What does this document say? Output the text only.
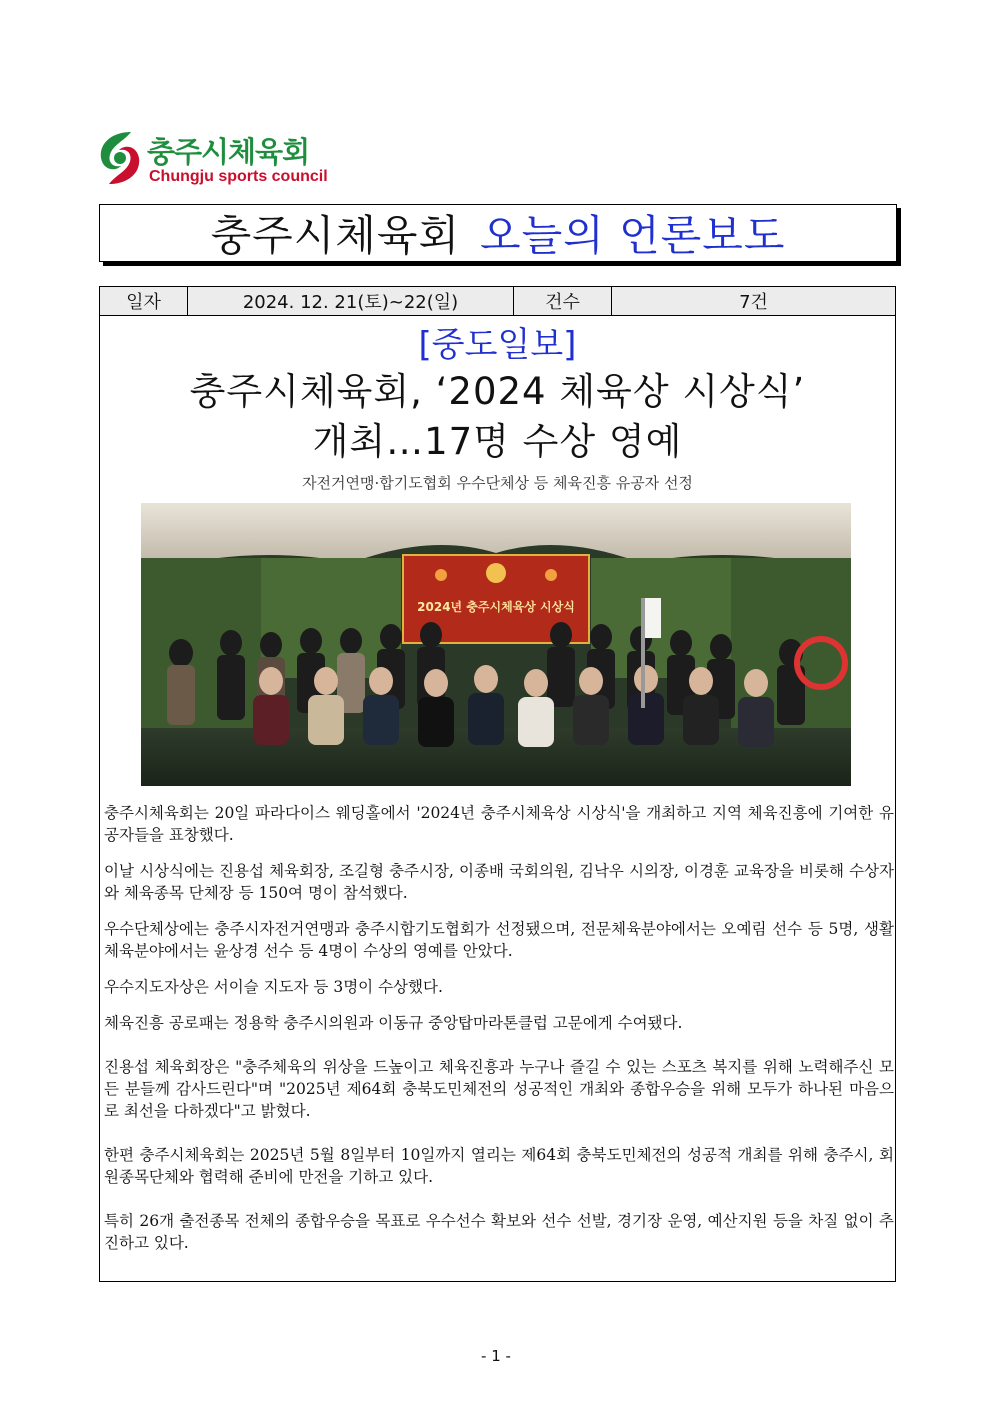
충주시체육회
Chungju sports council
충주시체육회 오늘의 언론보도
일자	2024. 12. 21(토)~22(일)	건수	7건
[중도일보]
충주시체육회, ‘2024 체육상 시상식’
개최…17명 수상 영예
자전거연맹·합기도협회 우수단체상 등 체육진흥 유공자 선정
2024년 충주시체육상 시상식

충주시체육회는 20일 파라다이스 웨딩홀에서 '2024년 충주시체육상 시상식'을 개최하고 지역 체육진흥에 기여한 유공자들을 표창했다.

이날 시상식에는 진용섭 체육회장, 조길형 충주시장, 이종배 국회의원, 김낙우 시의장, 이경훈 교육장을 비롯해 수상자와 체육종목 단체장 등 150여 명이 참석했다.

우수단체상에는 충주시자전거연맹과 충주시합기도협회가 선정됐으며, 전문체육분야에서는 오예림 선수 등 5명, 생활체육분야에서는 윤상경 선수 등 4명이 수상의 영예를 안았다.

우수지도자상은 서이슬 지도자 등 3명이 수상했다.

체육진흥 공로패는 정용학 충주시의원과 이동규 중앙탑마라톤클럽 고문에게 수여됐다.

진용섭 체육회장은 "충주체육의 위상을 드높이고 체육진흥과 누구나 즐길 수 있는 스포츠 복지를 위해 노력해주신 모든 분들께 감사드린다"며 "2025년 제64회 충북도민체전의 성공적인 개최와 종합우승을 위해 모두가 하나된 마음으로 최선을 다하겠다"고 밝혔다.

한편 충주시체육회는 2025년 5월 8일부터 10일까지 열리는 제64회 충북도민체전의 성공적 개최를 위해 충주시, 회원종목단체와 협력해 준비에 만전을 기하고 있다.

특히 26개 출전종목 전체의 종합우승을 목표로 우수선수 확보와 선수 선발, 경기장 운영, 예산지원 등을 차질 없이 추진하고 있다.

- 1 -
